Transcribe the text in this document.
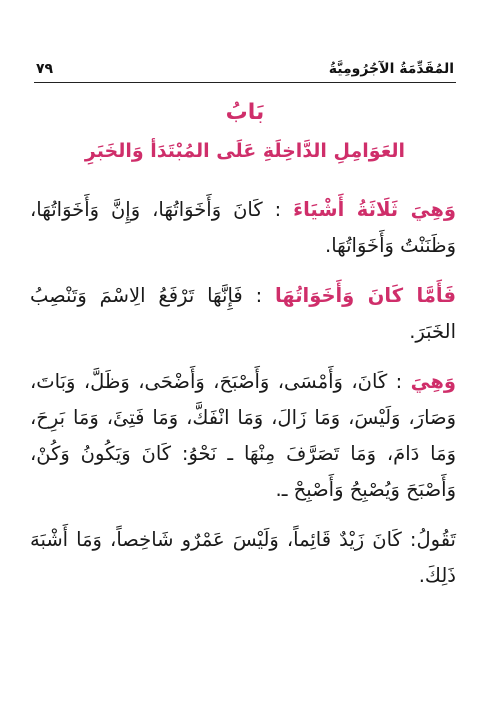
المُقَدِّمَةُ الآجُرُومِيَّةُ
٧٩
بَابُ
العَوَامِلِ الدَّاخِلَةِ عَلَى المُبْتَدَأ وَالخَبَرِ

وَهِيَ ثَلَاثَةُ أَشْيَاءَ : كَانَ وَأَخَوَاتُهَا، وَإِنَّ وَأَخَوَاتُهَا، وَظَنَنْتُ وَأَخَوَاتُهَا.

فَأَمَّا كَانَ وَأَخَوَاتُهَا : فَإِنَّهَا تَرْفَعُ الِاسْمَ وَتَنْصِبُ الخَبَرَ.

وَهِيَ : كَانَ، وَأَمْسَى، وَأَصْبَحَ، وَأَضْحَى، وَظَلَّ، وَبَاتَ، وَصَارَ، وَلَيْسَ، وَمَا زَالَ، وَمَا انْفَكَّ، وَمَا فَتِئَ، وَمَا بَرِحَ، وَمَا دَامَ، وَمَا تَصَرَّفَ مِنْهَا ـ نَحْوُ: كَانَ وَيَكُونُ وَكُنْ، وَأَصْبَحَ وَيُصْبِحُ وَأَصْبِحْ ـ.

تَقُولُ: كَانَ زَيْدٌ قَائِماً، وَلَيْسَ عَمْرٌو شَاخِصاً، وَمَا أَشْبَهَ ذَلِكَ.
